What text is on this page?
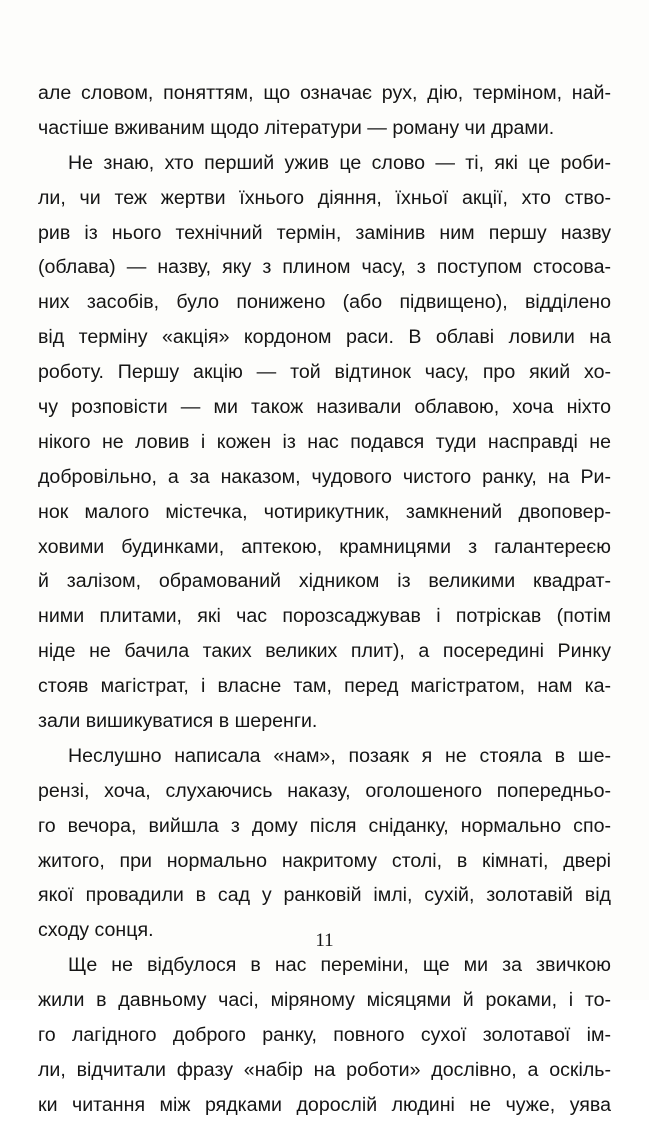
але словом, поняттям, що означає рух, дію, терміном, най-
частіше вживаним щодо літератури — роману чи драми.
Не знаю, хто перший ужив це слово — ті, які це роби-
ли, чи теж жертви їхнього діяння, їхньої акції, хто ство-
рив із нього технічний термін, замінив ним першу назву
(облава) — назву, яку з плином часу, з поступом стосова-
них засобів, було понижено (або підвищено), відділено
від терміну «акція» кордоном раси. В облаві ловили на
роботу. Першу акцію — той відтинок часу, про який хо-
чу розповісти — ми також називали облавою, хоча ніхто
нікого не ловив і кожен із нас подався туди насправді не
добровільно, а за наказом, чудового чистого ранку, на Ри-
нок малого містечка, чотирикутник, замкнений двоповер-
ховими будинками, аптекою, крамницями з галантереєю
й залізом, обрамований хідником із великими квадрат-
ними плитами, які час порозсаджував і потріскав (потім
ніде не бачила таких великих плит), а посередині Ринку
стояв магістрат, і власне там, перед магістратом, нам ка-
зали вишикуватися в шеренги.
Неслушно написала «нам», позаяк я не стояла в ше-
рензі, хоча, слухаючись наказу, оголошеного попередньо-
го вечора, вийшла з дому після сніданку, нормально спо-
житого, при нормально накритому столі, в кімнаті, двері
якої провадили в сад у ранковій імлі, сухій, золотавій від
сходу сонця.
Ще не відбулося в нас переміни, ще ми за звичкою
жили в давньому часі, міряному місяцями й роками, і то-
го лагідного доброго ранку, повного сухої золотавої ім-
ли, відчитали фразу «набір на роботи» дослівно, а оскіль-
ки читання між рядками дорослій людині не чуже, уява
11
